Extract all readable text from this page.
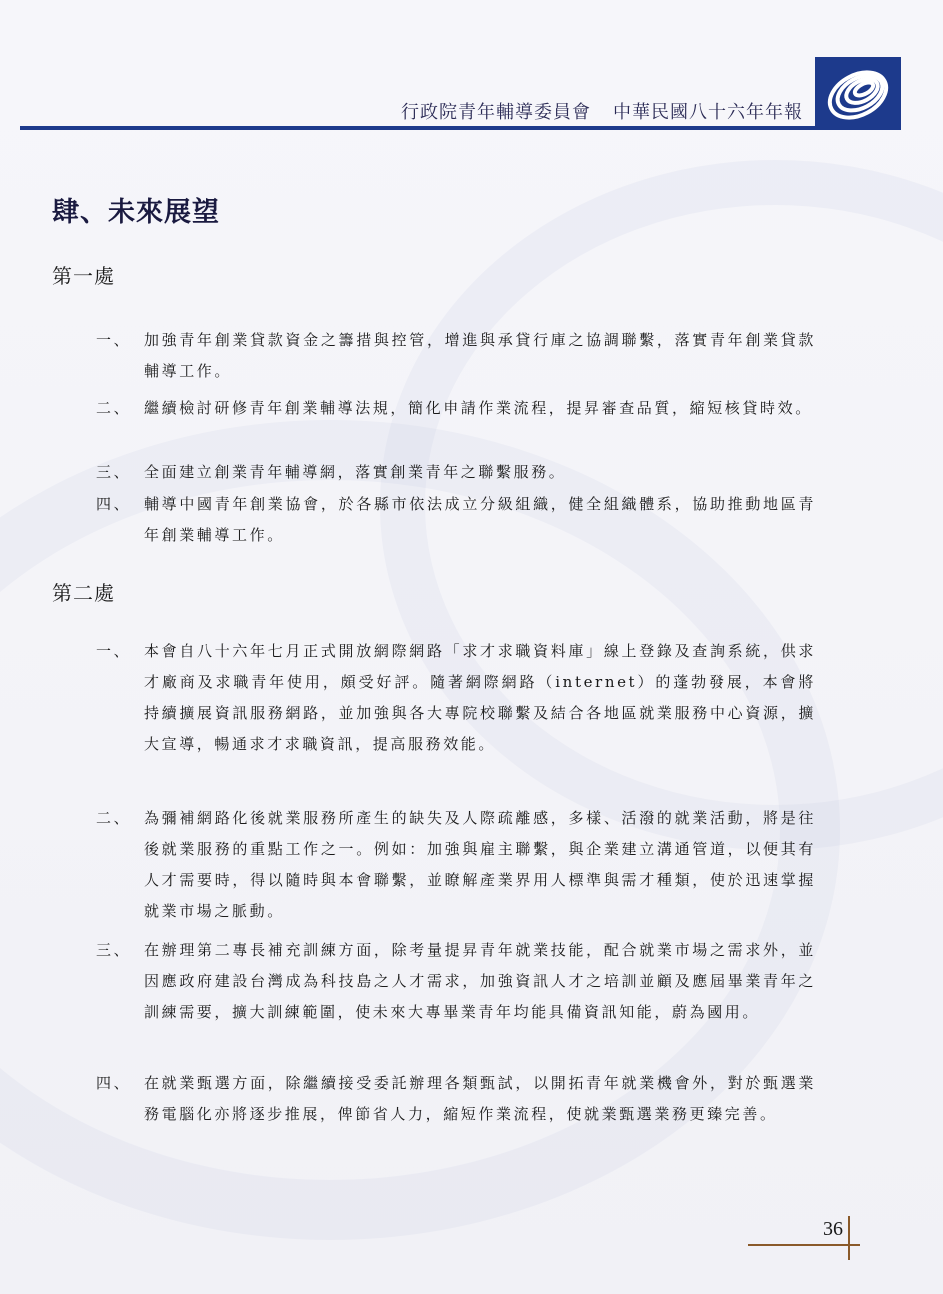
行政院青年輔導委員會 中華民國八十六年年報
肆、未來展望
第一處
一、 加強青年創業貸款資金之籌措與控管，增進與承貸行庫之協調聯繫，落實青年創業貸款輔導工作。
二、 繼續檢討研修青年創業輔導法規，簡化申請作業流程，提昇審查品質，縮短核貸時效。
三、 全面建立創業青年輔導網，落實創業青年之聯繫服務。
四、 輔導中國青年創業協會，於各縣市依法成立分級組織，健全組織體系，協助推動地區青年創業輔導工作。
第二處
一、 本會自八十六年七月正式開放網際網路「求才求職資料庫」線上登錄及查詢系統，供求才廠商及求職青年使用，頗受好評。隨著網際網路（internet）的蓬勃發展，本會將持續擴展資訊服務網路，並加強與各大專院校聯繫及結合各地區就業服務中心資源，擴大宣導，暢通求才求職資訊，提高服務效能。
二、 為彌補網路化後就業服務所產生的缺失及人際疏離感，多樣、活潑的就業活動，將是往後就業服務的重點工作之一。例如：加強與雇主聯繫，與企業建立溝通管道，以便其有人才需要時，得以隨時與本會聯繫，並瞭解產業界用人標準與需才種類，使於迅速掌握就業市場之脈動。
三、 在辦理第二專長補充訓練方面，除考量提昇青年就業技能，配合就業市場之需求外，並因應政府建設台灣成為科技島之人才需求，加強資訊人才之培訓並顧及應屆畢業青年之訓練需要，擴大訓練範圍，使未來大專畢業青年均能具備資訊知能，蔚為國用。
四、 在就業甄選方面，除繼續接受委託辦理各類甄試，以開拓青年就業機會外，對於甄選業務電腦化亦將逐步推展，俾節省人力，縮短作業流程，使就業甄選業務更臻完善。
36
